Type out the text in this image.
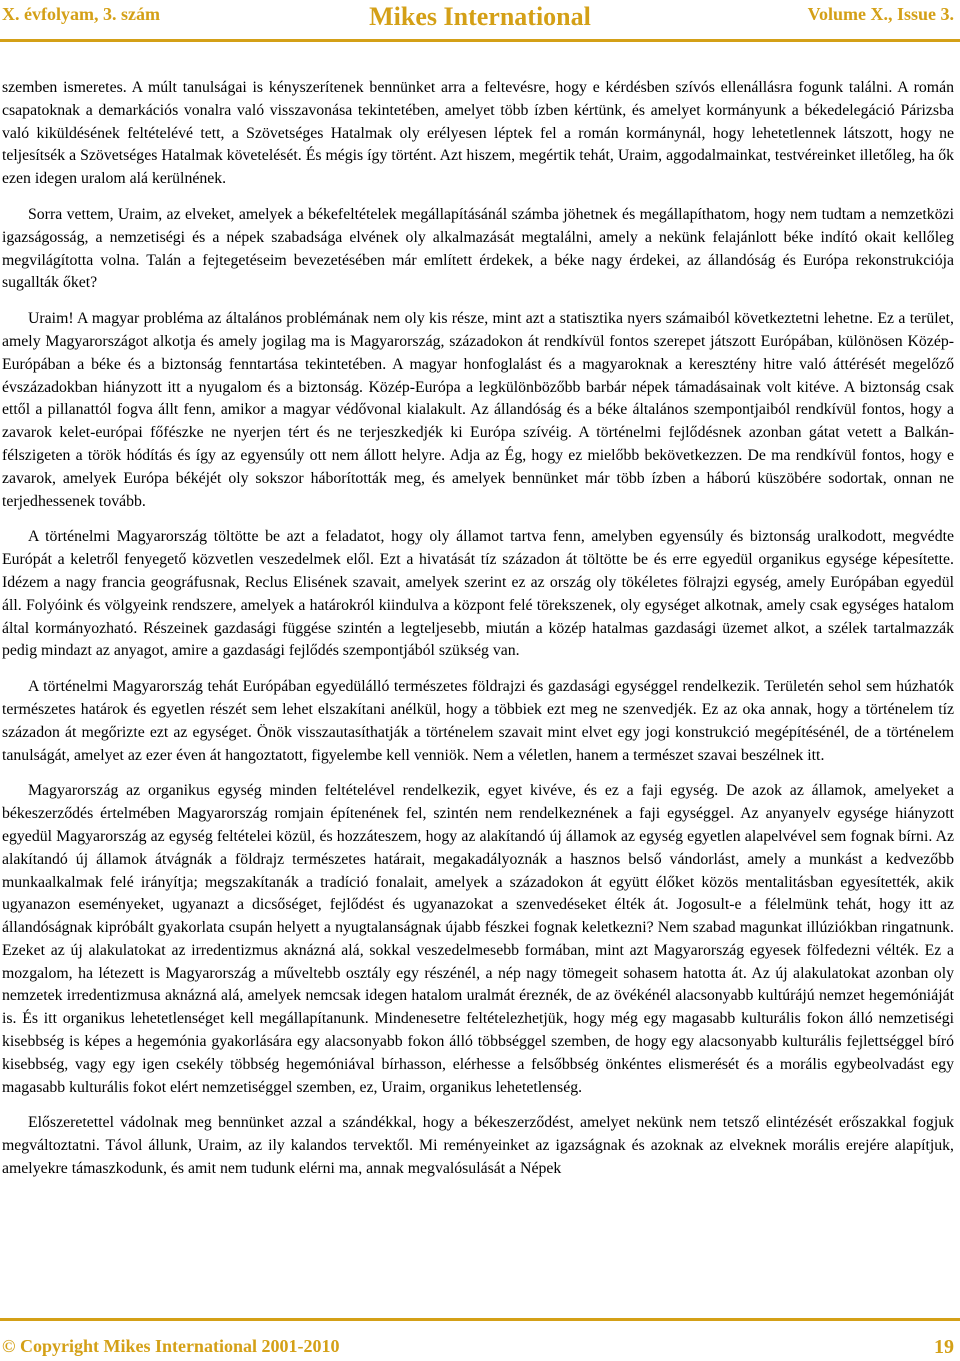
X. évfolyam, 3. szám	Mikes International	Volume X., Issue 3.

szemben ismeretes. A múlt tanulságai is kényszerítenek bennünket arra a feltevésre, hogy e kérdésben szívós ellenállásra fogunk találni. A román csapatoknak a demarkációs vonalra való visszavonása tekintetében, amelyet több ízben kértünk, és amelyet kormányunk a békedelegáció Párizsba való kiküldésének feltételévé tett, a Szövetséges Hatalmak oly erélyesen léptek fel a román kormánynál, hogy lehetetlennek látszott, hogy ne teljesítsék a Szövetséges Hatalmak követelését. És mégis így történt. Azt hiszem, megértik tehát, Uraim, aggodalmainkat, testvéreinket illetőleg, ha ők ezen idegen uralom alá kerülnének.

Sorra vettem, Uraim, az elveket, amelyek a békefeltételek megállapításánál számba jöhetnek és megállapíthatom, hogy nem tudtam a nemzetközi igazságosság, a nemzetiségi és a népek szabadsága elvének oly alkalmazását megtalálni, amely a nekünk felajánlott béke indító okait kellőleg megvilágította volna. Talán a fejtegetéseim bevezetésében már említett érdekek, a béke nagy érdekei, az állandóság és Európa rekonstrukciója sugallták őket?

Uraim! A magyar probléma az általános problémának nem oly kis része, mint azt a statisztika nyers számaiból következtetni lehetne. Ez a terület, amely Magyarországot alkotja és amely jogilag ma is Magyarország, századokon át rendkívül fontos szerepet játszott Európában, különösen Közép-Európában a béke és a biztonság fenntartása tekintetében. A magyar honfoglalást és a magyaroknak a keresztény hitre való áttérését megelőző évszázadokban hiányzott itt a nyugalom és a biztonság. Közép-Európa a legkülönbözőbb barbár népek támadásainak volt kitéve. A biztonság csak ettől a pillanattól fogva állt fenn, amikor a magyar védővonal kialakult. Az állandóság és a béke általános szempontjaiból rendkívül fontos, hogy a zavarok kelet-európai főfészke ne nyerjen tért és ne terjeszkedjék ki Európa szívéig. A történelmi fejlődésnek azonban gátat vetett a Balkán-félszigeten a török hódítás és így az egyensúly ott nem állott helyre. Adja az Ég, hogy ez mielőbb bekövetkezzen. De ma rendkívül fontos, hogy e zavarok, amelyek Európa békéjét oly sokszor háborították meg, és amelyek bennünket már több ízben a háború küszöbére sodortak, onnan ne terjedhessenek tovább.

A történelmi Magyarország töltötte be azt a feladatot, hogy oly államot tartva fenn, amelyben egyensúly és biztonság uralkodott, megvédte Európát a keletről fenyegető közvetlen veszedelmek elől. Ezt a hivatását tíz századon át töltötte be és erre egyedül organikus egysége képesítette. Idézem a nagy francia geográfusnak, Reclus Elisének szavait, amelyek szerint ez az ország oly tökéletes fölrajzi egység, amely Európában egyedül áll. Folyóink és völgyeink rendszere, amelyek a határokról kiindulva a központ felé törekszenek, oly egységet alkotnak, amely csak egységes hatalom által kormányozható. Részeinek gazdasági függése szintén a legteljesebb, miután a közép hatalmas gazdasági üzemet alkot, a szélek tartalmazzák pedig mindazt az anyagot, amire a gazdasági fejlődés szempontjából szükség van.

A történelmi Magyarország tehát Európában egyedülálló természetes földrajzi és gazdasági egységgel rendelkezik. Területén sehol sem húzhatók természetes határok és egyetlen részét sem lehet elszakítani anélkül, hogy a többiek ezt meg ne szenvedjék. Ez az oka annak, hogy a történelem tíz századon át megőrizte ezt az egységet. Önök visszautasíthatják a történelem szavait mint elvet egy jogi konstrukció megépítésénél, de a történelem tanulságát, amelyet az ezer éven át hangoztatott, figyelembe kell venniök. Nem a véletlen, hanem a természet szavai beszélnek itt.

Magyarország az organikus egység minden feltételével rendelkezik, egyet kivéve, és ez a faji egység. De azok az államok, amelyeket a békeszerződés értelmében Magyarország romjain építenének fel, szintén nem rendelkeznének a faji egységgel. Az anyanyelv egysége hiányzott egyedül Magyarország az egység feltételei közül, és hozzáteszem, hogy az alakítandó új államok az egység egyetlen alapelvével sem fognak bírni. Az alakítandó új államok átvágnák a földrajz természetes határait, megakadályoznák a hasznos belső vándorlást, amely a munkást a kedvezőbb munkaalkalmak felé irányítja; megszakítanák a tradíció fonalait, amelyek a századokon át együtt élőket közös mentalitásban egyesítették, akik ugyanazon eseményeket, ugyanazt a dicsőséget, fejlődést és ugyanazokat a szenvedéseket élték át. Jogosult-e a félelmünk tehát, hogy itt az állandóságnak kipróbált gyakorlata csupán helyett a nyugtalanságnak újabb fészkei fognak keletkezni? Nem szabad magunkat illúziókban ringatnunk. Ezeket az új alakulatokat az irredentizmus aknázná alá, sokkal veszedelmesebb formában, mint azt Magyarország egyesek fölfedezni vélték. Ez a mozgalom, ha létezett is Magyarország a műveltebb osztály egy részénél, a nép nagy tömegeit sohasem hatotta át. Az új alakulatokat azonban oly nemzetek irredentizmusa aknázná alá, amelyek nemcsak idegen hatalom uralmát éreznék, de az övékénél alacsonyabb kultúrájú nemzet hegemóniáját is. És itt organikus lehetetlenséget kell megállapítanunk. Mindenesetre feltételezhetjük, hogy még egy magasabb kulturális fokon álló nemzetiségi kisebbség is képes a hegemónia gyakorlására egy alacsonyabb fokon álló többséggel szemben, de hogy egy alacsonyabb kulturális fejlettséggel bíró kisebbség, vagy egy igen csekély többség hegemóniával bírhasson, elérhesse a felsőbbség önkéntes elismerését és a morális egybeolvadást egy magasabb kulturális fokot elért nemzetiséggel szemben, ez, Uraim, organikus lehetetlenség.

Előszeretettel vádolnak meg bennünket azzal a szándékkal, hogy a békeszerződést, amelyet nekünk nem tetsző elintézését erőszakkal fogjuk megváltoztatni. Távol állunk, Uraim, az ily kalandos tervektől. Mi reményeinket az igazságnak és azoknak az elveknek morális erejére alapítjuk, amelyekre támaszkodunk, és amit nem tudunk elérni ma, annak megvalósulását a Népek

© Copyright Mikes International 2001-2010	19
